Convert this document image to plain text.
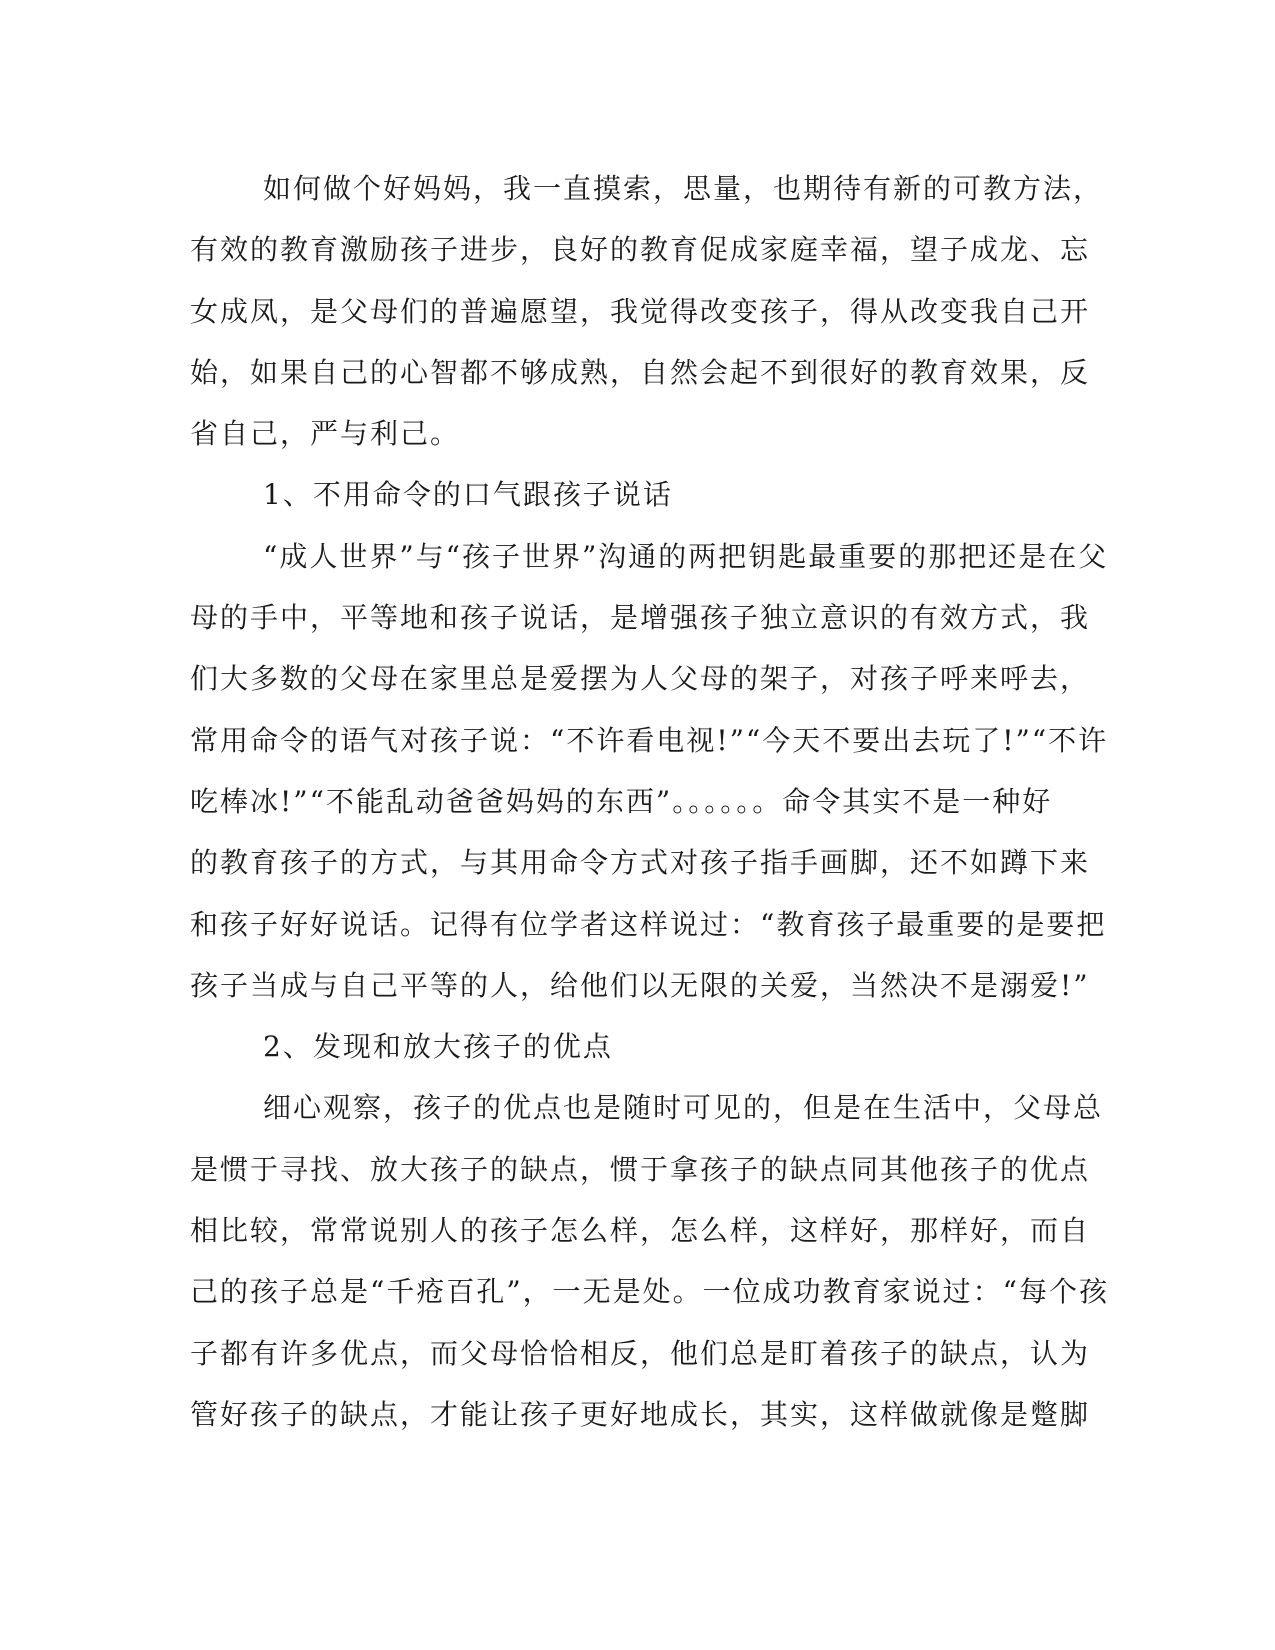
如何做个好妈妈，我一直摸索，思量，也期待有新的可教方法，
有效的教育激励孩子进步，良好的教育促成家庭幸福，望子成龙、忘
女成凤，是父母们的普遍愿望，我觉得改变孩子，得从改变我自己开
始，如果自己的心智都不够成熟，自然会起不到很好的教育效果，反
省自己，严与利己。
1、不用命令的口气跟孩子说话
“成人世界”与“孩子世界”沟通的两把钥匙最重要的那把还是在父
母的手中，平等地和孩子说话，是增强孩子独立意识的有效方式，我
们大多数的父母在家里总是爱摆为人父母的架子，对孩子呼来呼去，
常用命令的语气对孩子说：“不许看电视!”“今天不要出去玩了!”“不许
吃棒冰!”“不能乱动爸爸妈妈的东西”。。。。。。命令其实不是一种好
的教育孩子的方式，与其用命令方式对孩子指手画脚，还不如蹲下来
和孩子好好说话。记得有位学者这样说过：“教育孩子最重要的是要把
孩子当成与自己平等的人，给他们以无限的关爱，当然决不是溺爱!”
2、发现和放大孩子的优点
细心观察，孩子的优点也是随时可见的，但是在生活中，父母总
是惯于寻找、放大孩子的缺点，惯于拿孩子的缺点同其他孩子的优点
相比较，常常说别人的孩子怎么样，怎么样，这样好，那样好，而自
己的孩子总是“千疮百孔”，一无是处。一位成功教育家说过：“每个孩
子都有许多优点，而父母恰恰相反，他们总是盯着孩子的缺点，认为
管好孩子的缺点，才能让孩子更好地成长，其实，这样做就像是蹩脚
